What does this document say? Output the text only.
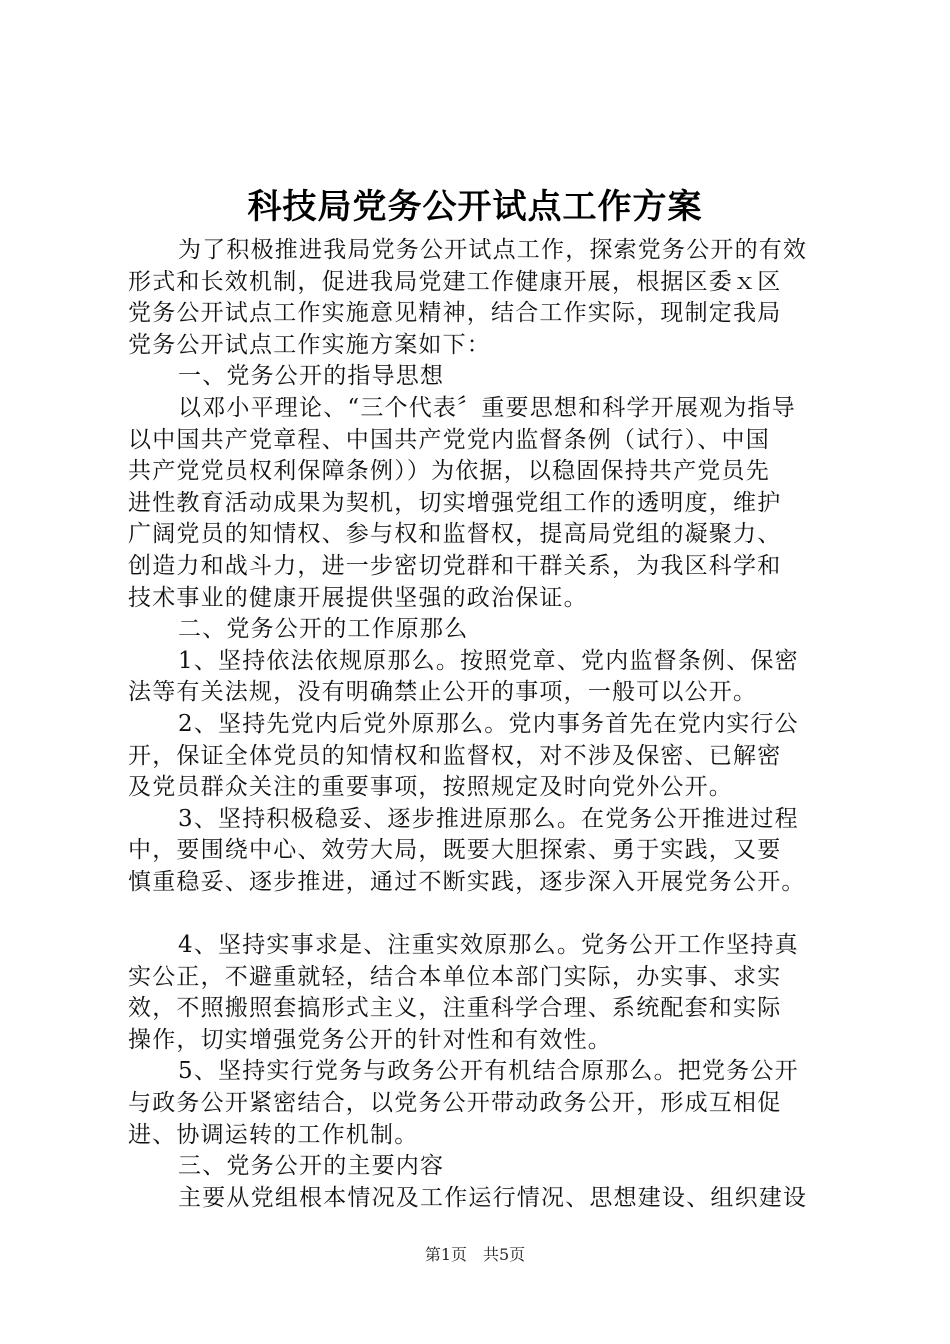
科技局党务公开试点工作方案
为了积极推进我局党务公开试点工作，探索党务公开的有效
形式和长效机制，促进我局党建工作健康开展，根据区委ｘ区
党务公开试点工作实施意见精神，结合工作实际，现制定我局
党务公开试点工作实施方案如下：
一、党务公开的指导思想
以邓小平理论、“三个代表〞重要思想和科学开展观为指导
以中国共产党章程、中国共产党党内监督条例（试行）、中国
共产党党员权利保障条例））为依据，以稳固保持共产党员先
进性教育活动成果为契机，切实增强党组工作的透明度，维护
广阔党员的知情权、参与权和监督权，提高局党组的凝聚力、
创造力和战斗力，进一步密切党群和干群关系，为我区科学和
技术事业的健康开展提供坚强的政治保证。
二、党务公开的工作原那么
1、坚持依法依规原那么。按照党章、党内监督条例、保密
法等有关法规，没有明确禁止公开的事项，一般可以公开。
2、坚持先党内后党外原那么。党内事务首先在党内实行公
开，保证全体党员的知情权和监督权，对不涉及保密、已解密
及党员群众关注的重要事项，按照规定及时向党外公开。
3、坚持积极稳妥、逐步推进原那么。在党务公开推进过程
中，要围绕中心、效劳大局，既要大胆探索、勇于实践，又要
慎重稳妥、逐步推进，通过不断实践，逐步深入开展党务公开。
4、坚持实事求是、注重实效原那么。党务公开工作坚持真
实公正，不避重就轻，结合本单位本部门实际，办实事、求实
效，不照搬照套搞形式主义，注重科学合理、系统配套和实际
操作，切实增强党务公开的针对性和有效性。
5、坚持实行党务与政务公开有机结合原那么。把党务公开
与政务公开紧密结合，以党务公开带动政务公开，形成互相促
进、协调运转的工作机制。
三、党务公开的主要内容
主要从党组根本情况及工作运行情况、思想建设、组织建设
第1页　共5页
